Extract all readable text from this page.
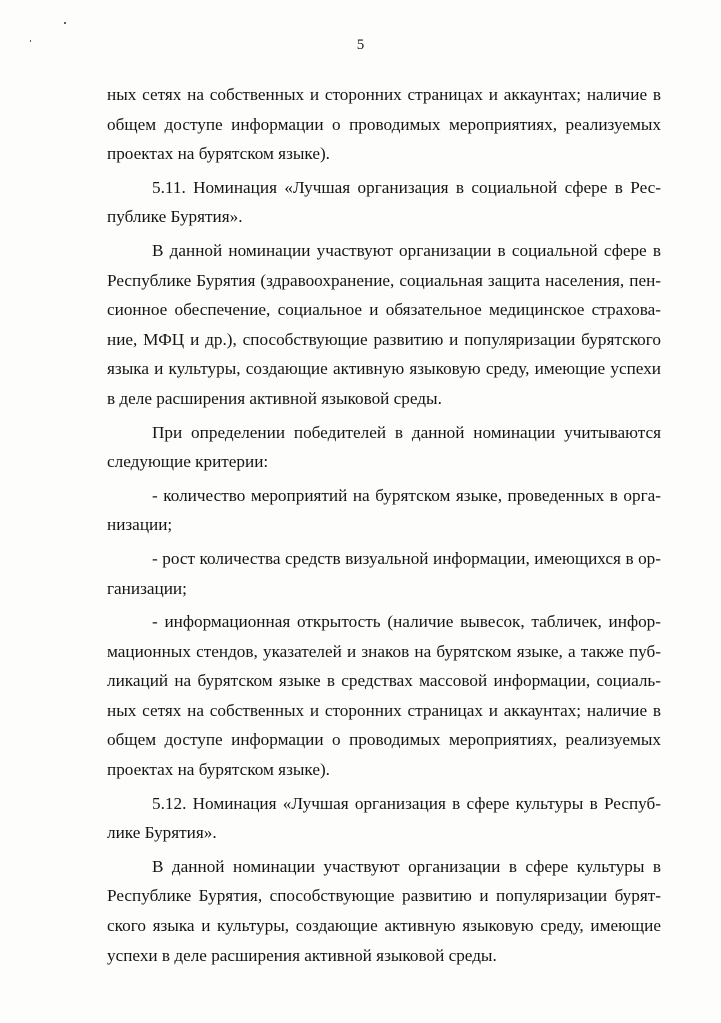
5
ных сетях на собственных и сторонних страницах и аккаунтах; наличие в
общем доступе информации о проводимых мероприятиях, реализуемых
проектах на бурятском языке).
5.11. Номинация «Лучшая организация в социальной сфере в Рес-
публике Бурятия».
В данной номинации участвуют организации в социальной сфере в
Республике Бурятия (здравоохранение, социальная защита населения, пен-
сионное обеспечение, социальное и обязательное медицинское страхова-
ние, МФЦ и др.), способствующие развитию и популяризации бурятского
языка и культуры, создающие активную языковую среду, имеющие успехи
в деле расширения активной языковой среды.
При определении победителей в данной номинации учитываются
следующие критерии:
- количество мероприятий на бурятском языке, проведенных в орга-
низации;
- рост количества средств визуальной информации, имеющихся в ор-
ганизации;
- информационная открытость (наличие вывесок, табличек, инфор-
мационных стендов, указателей и знаков на бурятском языке, а также пуб-
ликаций на бурятском языке в средствах массовой информации, социаль-
ных сетях на собственных и сторонних страницах и аккаунтах; наличие в
общем доступе информации о проводимых мероприятиях, реализуемых
проектах на бурятском языке).
5.12. Номинация «Лучшая организация в сфере культуры в Респуб-
лике Бурятия».
В данной номинации участвуют организации в сфере культуры в
Республике Бурятия, способствующие развитию и популяризации бурят-
ского языка и культуры, создающие активную языковую среду, имеющие
успехи в деле расширения активной языковой среды.
